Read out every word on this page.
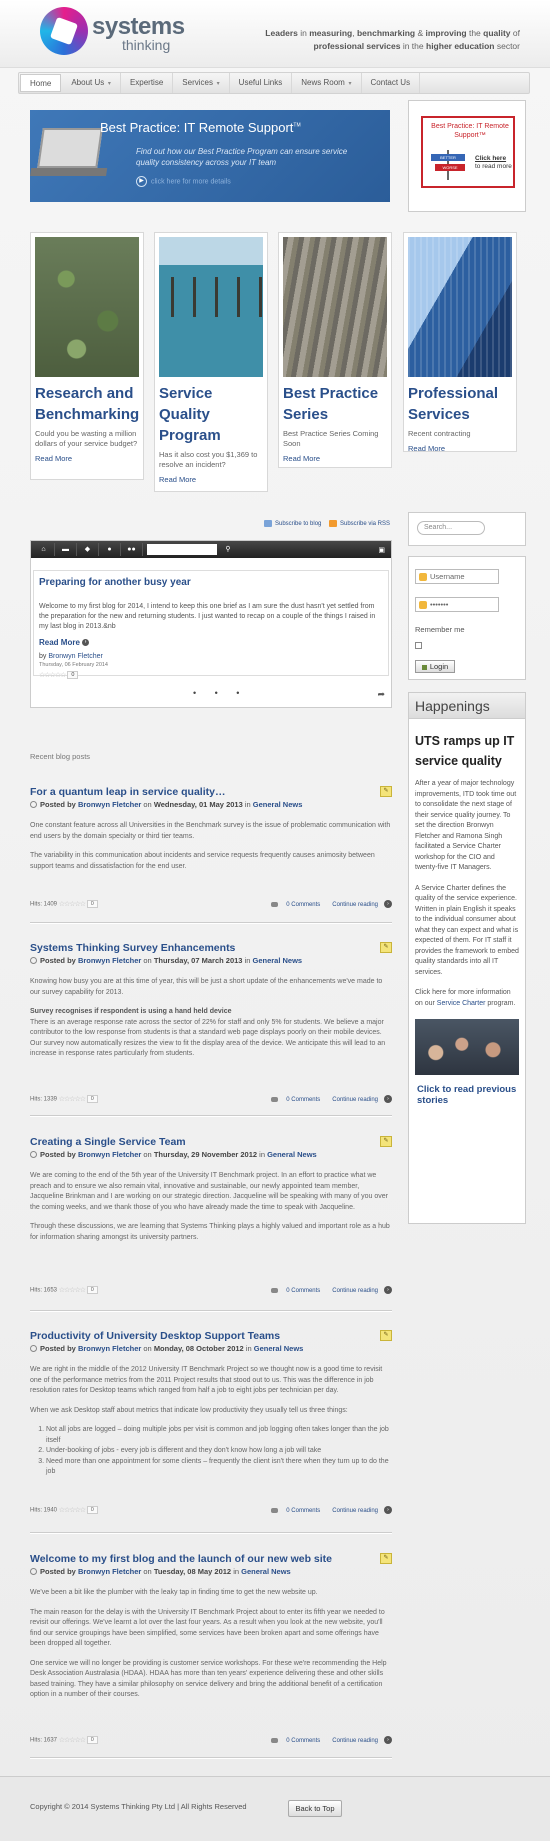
systems
thinking
Leaders in measuring, benchmarking & improving the quality of professional services in the higher education sector
Home	About Us ▾	Expertise	Services ▾	Useful Links	News Room ▾	Contact Us
Best Practice: IT Remote Support™
Find out how our Best Practice Program can ensure service quality consistency across your IT team
▶ click here for more details
Best Practice: IT Remote Support™
BETTER
WORSE
Click here
to read more
Research and Benchmarking
Could you be wasting a million dollars of your service budget?
Read More
Service Quality Program
Has it also cost you $1,369 to resolve an incident?
Read More
Best Practice Series
Best Practice Series Coming Soon
Read More
Professional Services
Recent contracting
Read More
Subscribe to blog	Subscribe via RSS
⌂	▬	◆	●	●●	⚲	▣
Preparing for another busy year
Welcome to my first blog for 2014, I intend to keep this one brief as I am sure the dust hasn't yet settled from the preparation for the new and returning students. I just wanted to recap on a couple of the things I raised in my last blog in 2013.&nb
Read More ›
by Bronwyn Fletcher
Thursday, 06 February 2014
☆☆☆☆☆ 0
• • •	➦
Recent blog posts
For a quantum leap in service quality…	✎
Posted by Bronwyn Fletcher on Wednesday, 01 May 2013 in General News

One constant feature across all Universities in the Benchmark survey is the issue of problematic communication with end users by the domain specialty or third tier teams.

The variability in this communication about incidents and service requests frequently causes animosity between support teams and dissatisfaction for the end user.

Hits: 1409 ☆☆☆☆☆ 0	0 Comments Continue reading ›
Systems Thinking Survey Enhancements	✎
Posted by Bronwyn Fletcher on Thursday, 07 March 2013 in General News

Knowing how busy you are at this time of year, this will be just a short update of the enhancements we've made to our survey capability for 2013.

Survey recognises if respondent is using a hand held device

There is an average response rate across the sector of 22% for staff and only 5% for students. We believe a major contributor to the low response from students is that a standard web page displays poorly on their mobile devices. Our survey now automatically resizes the view to fit the display area of the device. We anticipate this will lead to an increase in response rates particularly from students.

Hits: 1339 ☆☆☆☆☆ 0	0 Comments Continue reading ›
Creating a Single Service Team	✎
Posted by Bronwyn Fletcher on Thursday, 29 November 2012 in General News

We are coming to the end of the 5th year of the University IT Benchmark project. In an effort to practice what we preach and to ensure we also remain vital, innovative and sustainable, our newly appointed team member, Jacqueline Brinkman and I are working on our strategic direction. Jacqueline will be speaking with many of you over the coming weeks, and we thank those of you who have already made the time to speak with Jacqueline.

Through these discussions, we are learning that Systems Thinking plays a highly valued and important role as a hub for information sharing amongst its university partners.

Hits: 1653 ☆☆☆☆☆ 0	0 Comments Continue reading ›
Productivity of University Desktop Support Teams	✎
Posted by Bronwyn Fletcher on Monday, 08 October 2012 in General News

We are right in the middle of the 2012 University IT Benchmark Project so we thought now is a good time to revisit one of the performance metrics from the 2011 Project results that stood out to us. This was the difference in job resolution rates for Desktop teams which ranged from half a job to eight jobs per technician per day.

When we ask Desktop staff about metrics that indicate low productivity they usually tell us three things:

1. Not all jobs are logged – doing multiple jobs per visit is common and job logging often takes longer than the job itself
2. Under-booking of jobs - every job is different and they don't know how long a job will take
3. Need more than one appointment for some clients – frequently the client isn't there when they turn up to do the job
Hits: 1940 ☆☆☆☆☆ 0	0 Comments Continue reading ›
Welcome to my first blog and the launch of our new web site	✎
Posted by Bronwyn Fletcher on Tuesday, 08 May 2012 in General News

We've been a bit like the plumber with the leaky tap in finding time to get the new website up.

The main reason for the delay is with the University IT Benchmark Project about to enter its fifth year we needed to revisit our offerings. We've learnt a lot over the last four years. As a result when you look at the new website, you'll find our service groupings have been simplified, some services have been broken apart and some offerings have been dropped all together.

One service we will no longer be providing is customer service workshops. For these we're recommending the Help Desk Association Australasia (HDAA). HDAA has more than ten years' experience delivering these and other skills based training. They have a similar philosophy on service delivery and bring the additional benefit of a certification option in a number of their courses.

Hits: 1637 ☆☆☆☆☆ 0	0 Comments Continue reading ›
Search...
Username
•••••••
Remember me
Login
Happenings
UTS ramps up IT service quality

After a year of major technology improvements, ITD took time out to consolidate the next stage of their service quality journey. To set the direction Bronwyn Fletcher and Ramona Singh facilitated a Service Charter workshop for the CIO and twenty-five IT Managers.

A Service Charter defines the quality of the service experience. Written in plain English it speaks to the individual consumer about what they can expect and what is expected of them. For IT staff it provides the framework to embed quality standards into all IT services.

Click here for more information on our Service Charter program.

Click to read previous stories
Copyright © 2014 Systems Thinking Pty Ltd | All Rights Reserved	Back to Top
